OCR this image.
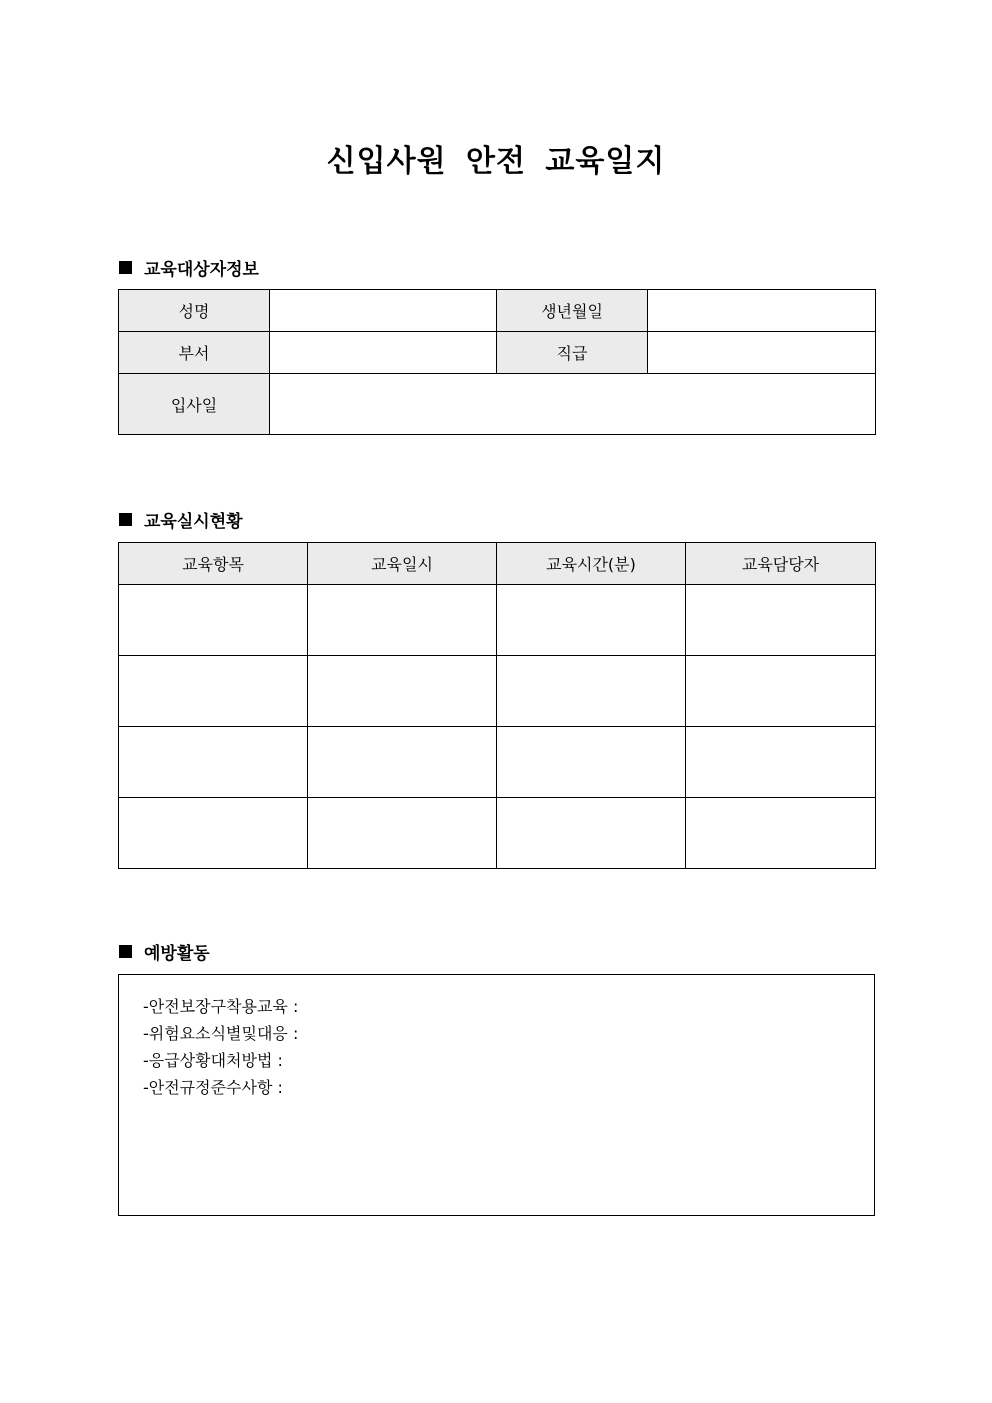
신입사원 안전 교육일지
교육대상자정보
성명		생년월일	
부서		직급	
입사일			
교육실시현황
교육항목	교육일시	교육시간(분)	교육담당자

예방활동
-안전보장구착용교육 :
-위험요소식별및대응 :
-응급상황대처방법 :
-안전규정준수사항 :
